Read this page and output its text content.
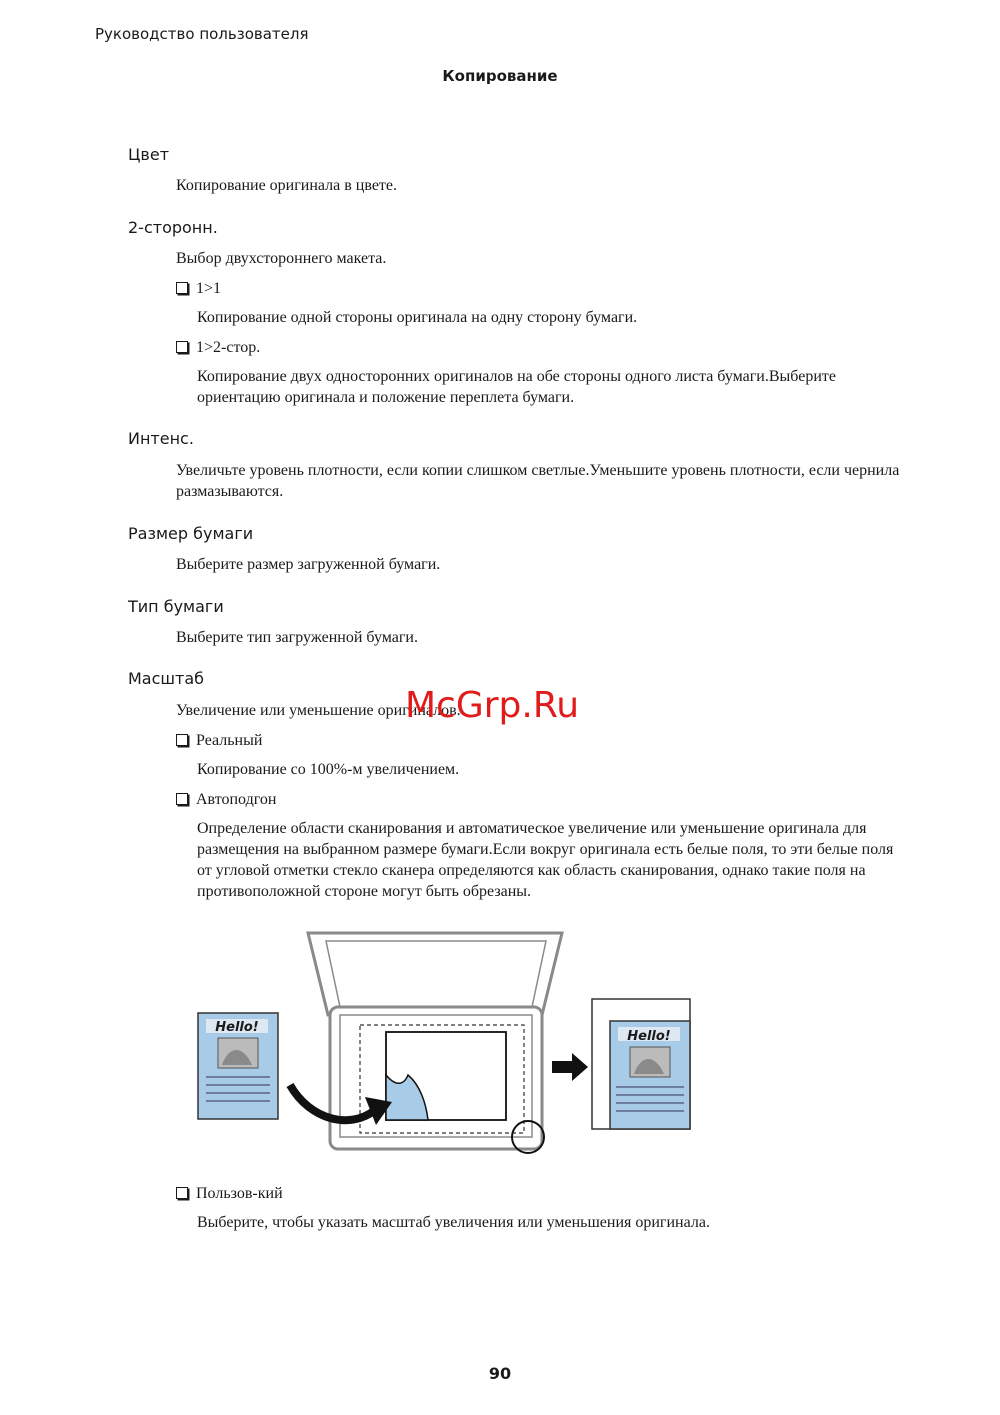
Руководство пользователя
Копирование
Цвет
Копирование оригинала в цвете.
2-сторонн.
Выбор двухстороннего макета.
1>1
Копирование одной стороны оригинала на одну сторону бумаги.
1>2-стор.
Копирование двух односторонних оригиналов на обе стороны одного листа бумаги.Выберите ориентацию оригинала и положение переплета бумаги.
Интенс.
Увеличьте уровень плотности, если копии слишком светлые.Уменьшите уровень плотности, если чернила размазываются.
Размер бумаги
Выберите размер загруженной бумаги.
Тип бумаги
Выберите тип загруженной бумаги.
Масштаб
Увеличение или уменьшение оригиналов.
Реальный
Копирование со 100%-м увеличением.
Автоподгон
Определение области сканирования и автоматическое увеличение или уменьшение оригинала для размещения на выбранном размере бумаги.Если вокруг оригинала есть белые поля, то эти белые поля от угловой отметки стекло сканера определяются как область сканирования, однако такие поля на противоположной стороне могут быть обрезаны.
Hello!
Hello!
Пользов-кий
Выберите, чтобы указать масштаб увеличения или уменьшения оригинала.
McGrp.Ru
90
